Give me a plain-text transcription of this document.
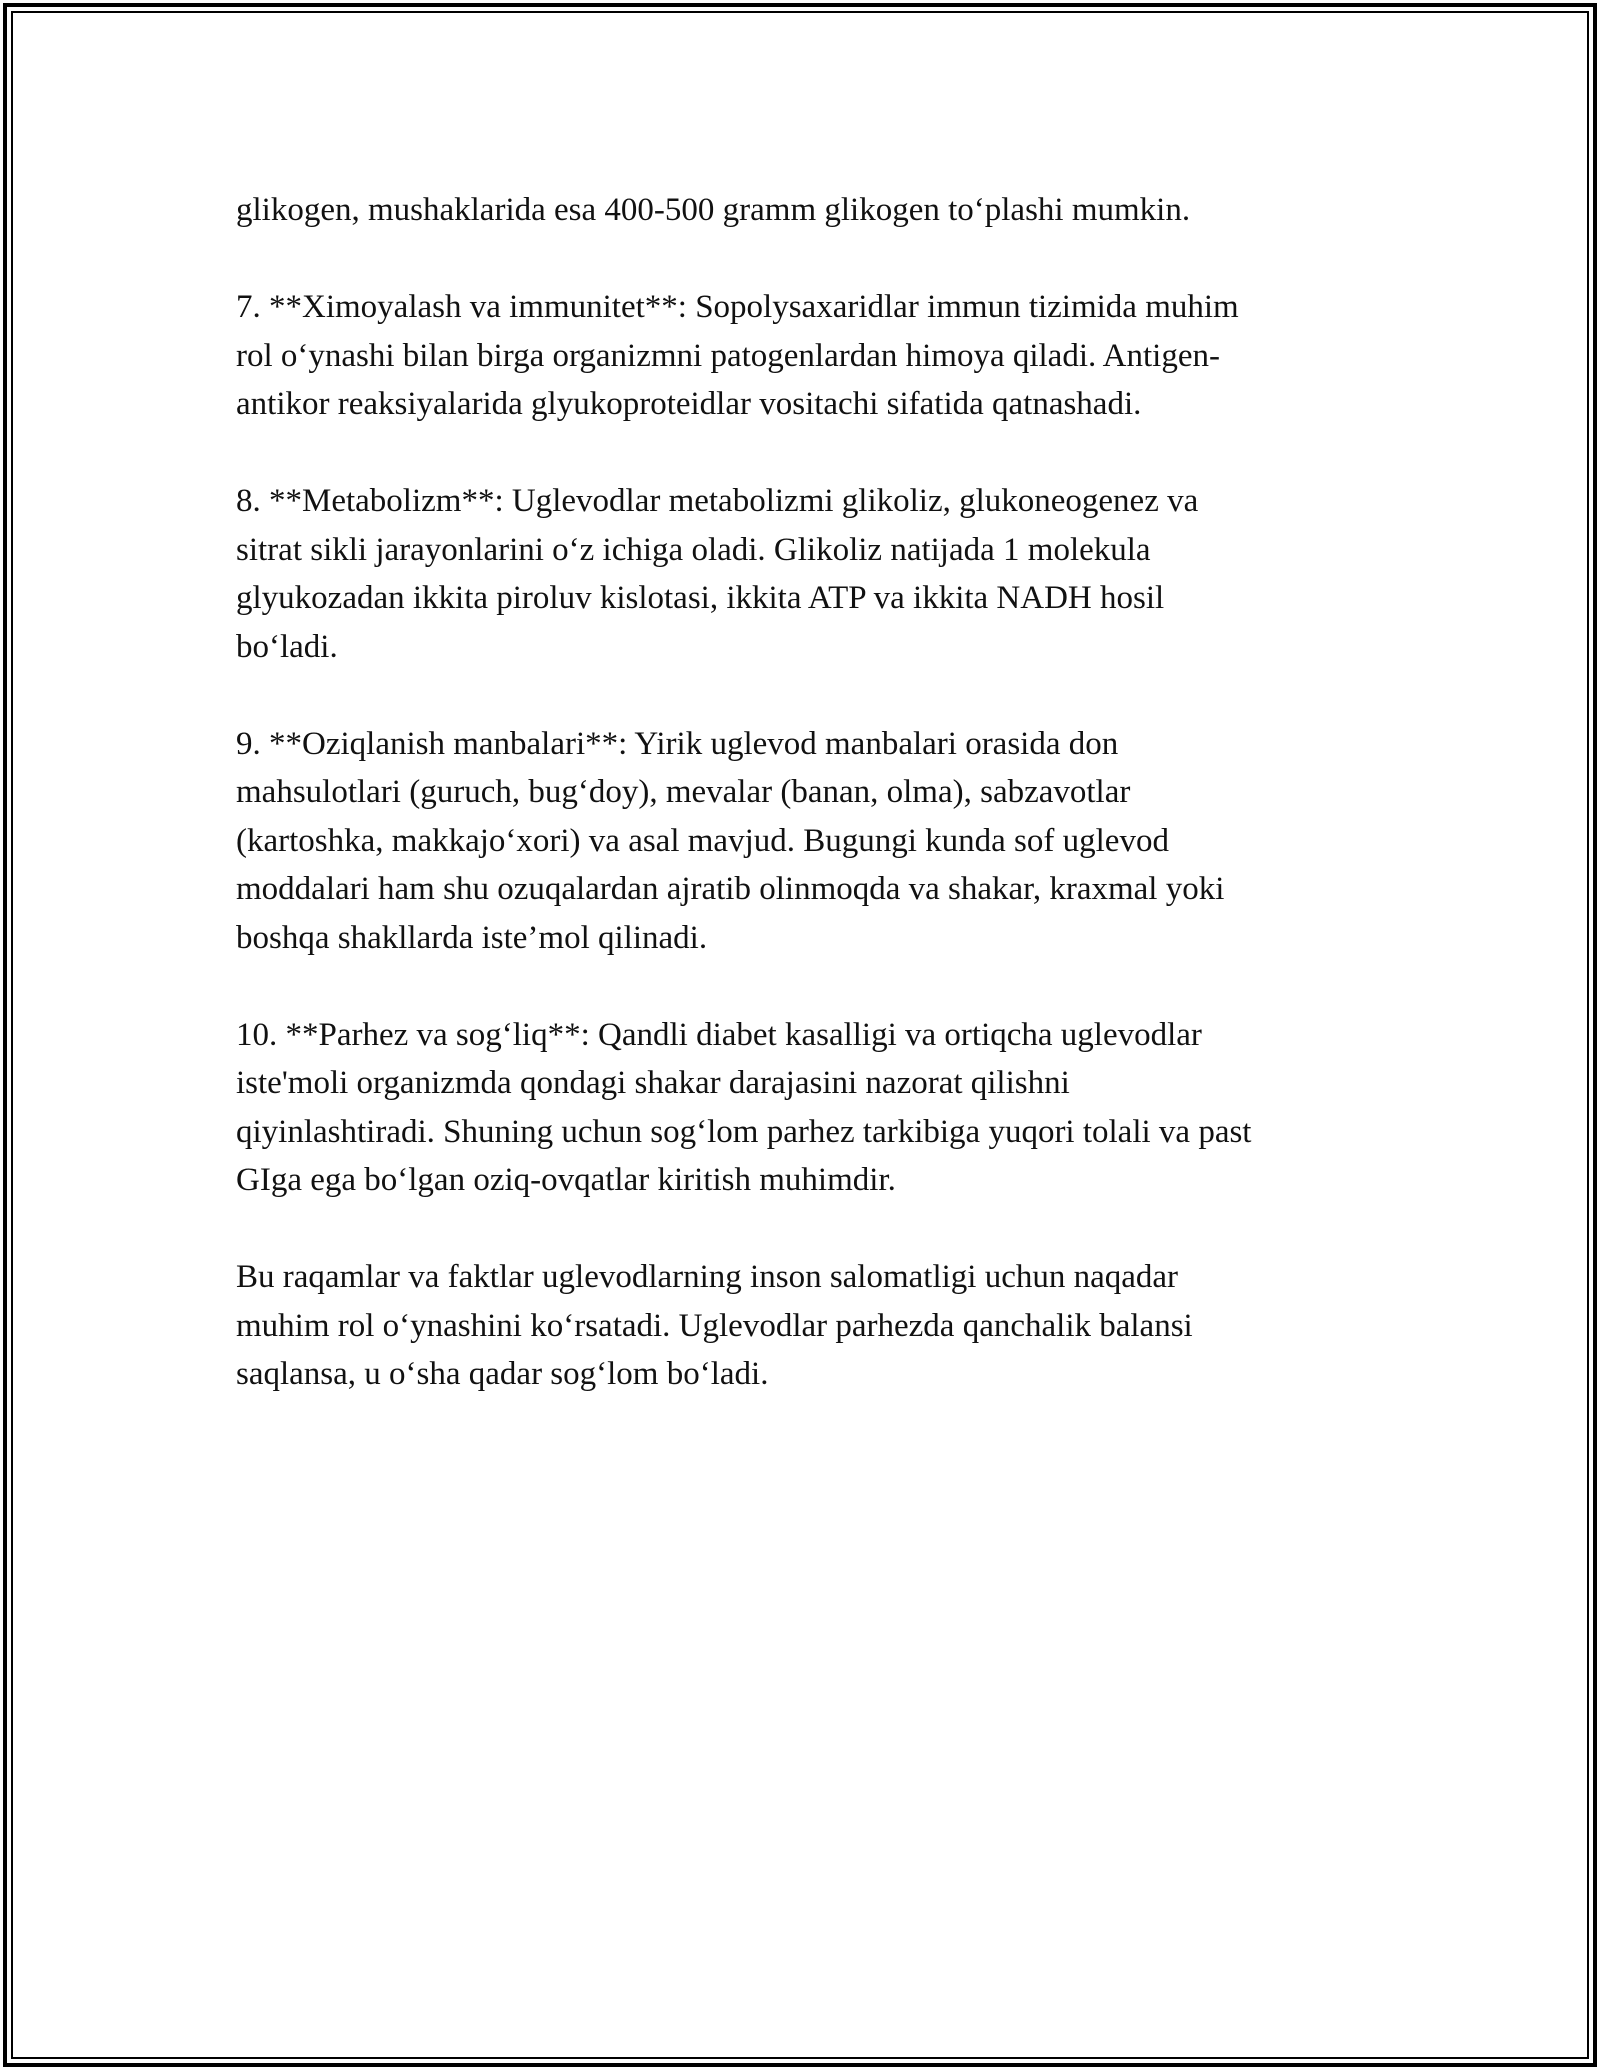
glikogen, mushaklarida esa 400-500 gramm glikogen to‘plashi mumkin.

7. **Ximoyalash va immunitet**: Sopolysaxaridlar immun tizimida muhim
rol o‘ynashi bilan birga organizmni patogenlardan himoya qiladi. Antigen-
antikor reaksiyalarida glyukoproteidlar vositachi sifatida qatnashadi.

8. **Metabolizm**: Uglevodlar metabolizmi glikoliz, glukoneogenez va
sitrat sikli jarayonlarini o‘z ichiga oladi. Glikoliz natijada 1 molekula
glyukozadan ikkita piroluv kislotasi, ikkita ATP va ikkita NADH hosil
bo‘ladi.

9. **Oziqlanish manbalari**: Yirik uglevod manbalari orasida don
mahsulotlari (guruch, bug‘doy), mevalar (banan, olma), sabzavotlar
(kartoshka, makkajo‘xori) va asal mavjud. Bugungi kunda sof uglevod
moddalari ham shu ozuqalardan ajratib olinmoqda va shakar, kraxmal yoki
boshqa shakllarda iste’mol qilinadi.

10. **Parhez va sog‘liq**: Qandli diabet kasalligi va ortiqcha uglevodlar
iste'moli organizmda qondagi shakar darajasini nazorat qilishni
qiyinlashtiradi. Shuning uchun sog‘lom parhez tarkibiga yuqori tolali va past
GIga ega bo‘lgan oziq-ovqatlar kiritish muhimdir.

Bu raqamlar va faktlar uglevodlarning inson salomatligi uchun naqadar
muhim rol o‘ynashini ko‘rsatadi. Uglevodlar parhezda qanchalik balansi
saqlansa, u o‘sha qadar sog‘lom bo‘ladi.
